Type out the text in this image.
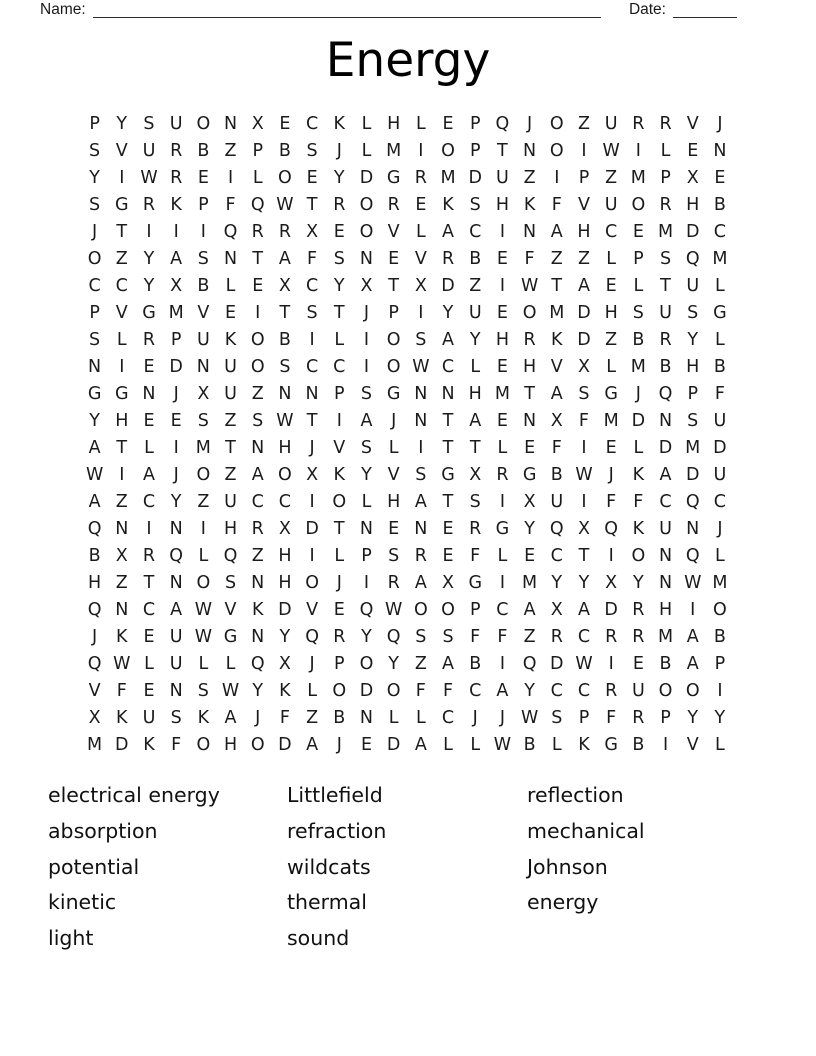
Name:	Date:
Energy
P Y S U O N X E C K L H L E P Q	J	O Z U R R V	J
S V U R B Z P B S	J	L M I	O P T N O	I W I	L E N
Y	I W R E	I	L O E Y D G R M D U Z	I	P Z M P X E
S G R K P F Q W T R O R E K S H K F V U O R H B
J	T	I	I	I	Q R R X E O V L A C	I	N A H C E M D C
O Z Y A S N T A F S N E V R B E F Z Z L P S Q M
C C Y X B L E X C Y X T X D Z	I W T A E L T U L
P V G M V E	I	T S T	J	P	I	Y U E O M D H S U S G
S L R P U K O B	I	L	I	O S A Y H R K D Z B R Y L
N	I	E D N U O S C C	I	O W C L E H V X L M B H B
G G N	J	X U Z N N P S G N N H M T A S G	J	Q P F
Y H E E S Z S W T	I	A	J	N T A E N X F M D N S U
A T L	I M T N H	J	V S L	I	T T L E F	I	E L D M D
W I	A	J	O Z A O X K Y V S G X R G B W J	K A D U
A Z C Y Z U C C	I	O L H A T S	I	X U	I	F F C Q C
Q N	I	N	I	H R X D T N E N E R G Y Q X Q K U N	J
B X R Q L Q Z H	I	L P S R E F L E C T	I	O N Q L
H Z T N O S N H O	J	I	R A X G	I M Y Y X Y N W M
Q N C A W V K D V E Q W O O P C A X A D R H	I	O
J	K E U W G N Y Q R Y Q S S F F Z R C R R M A B
Q W L U L L Q X	J	P O Y Z A B	I	Q D W I	E B A P
V F E N S W Y K L O D O F F C A Y C C R U O O	I
X K U S K A	J	F Z B N L L C	J	J W S P F R P Y Y
M D K F O H O D A	J	E D A L L W B L K G B	I	V L
electrical energy
absorption
potential
kinetic
light
Littlefield
refraction
wildcats
thermal
sound
reflection
mechanical
Johnson
energy
